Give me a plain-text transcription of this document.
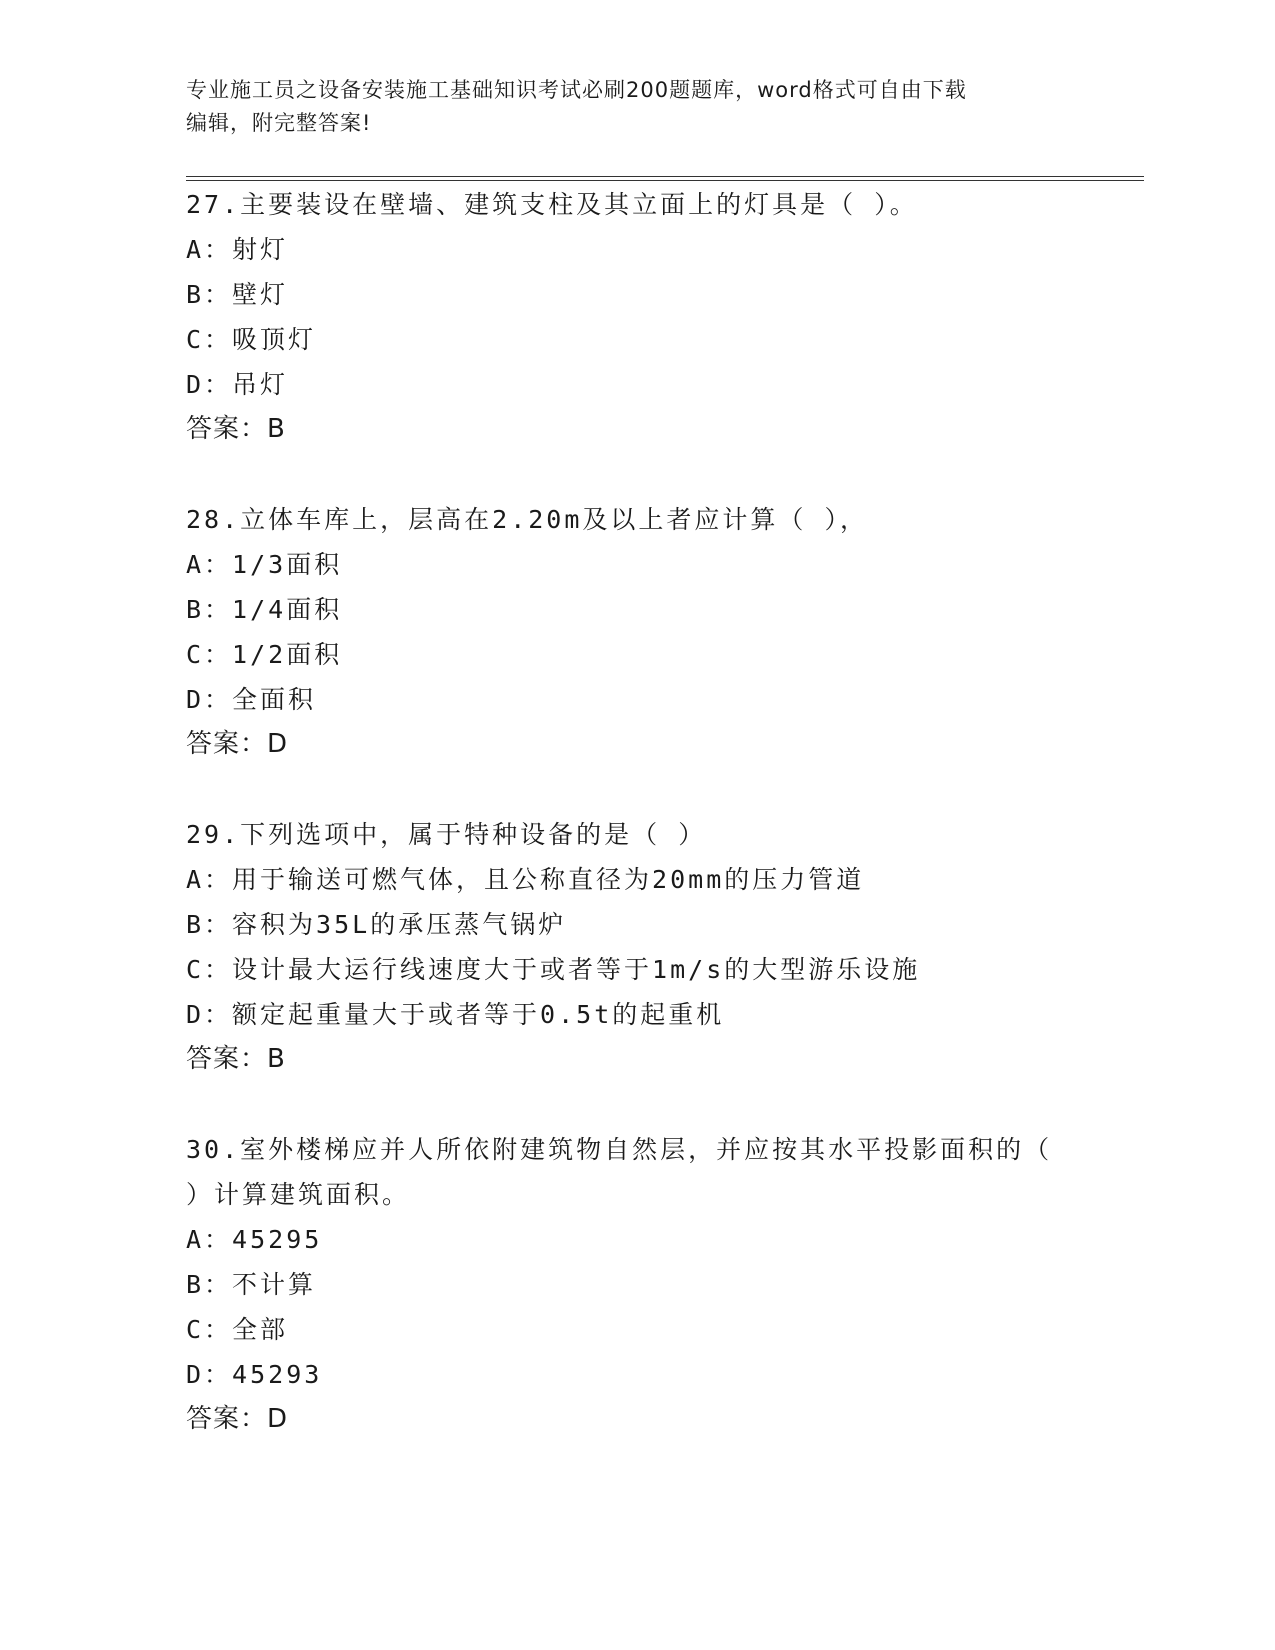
专业施工员之设备安装施工基础知识考试必刷200题题库，word格式可自由下载
编辑，附完整答案!
27.主要装设在壁墙、建筑支柱及其立面上的灯具是（ ）。
A：射灯
B：壁灯
C：吸顶灯
D：吊灯
答案：B
28.立体车库上，层高在2.20m及以上者应计算（ ），
A：1/3面积
B：1/4面积
C：1/2面积
D：全面积
答案：D
29.下列选项中，属于特种设备的是（ ）
A：用于输送可燃气体，且公称直径为20mm的压力管道
B：容积为35L的承压蒸气锅炉
C：设计最大运行线速度大于或者等于1m/s的大型游乐设施
D：额定起重量大于或者等于0.5t的起重机
答案：B
30.室外楼梯应并人所依附建筑物自然层，并应按其水平投影面积的（
）计算建筑面积。
A：45295
B：不计算
C：全部
D：45293
答案：D
